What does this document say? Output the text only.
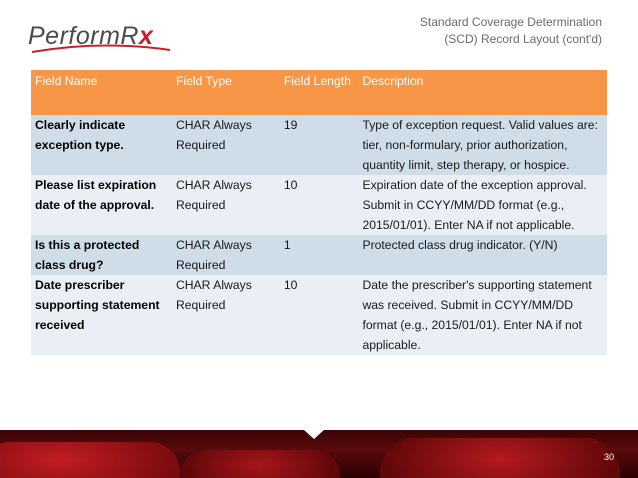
PerformRx	Standard Coverage Determination
(SCD) Record Layout (cont'd)
Field Name	Field Type	Field Length	Description
Clearly indicate exception type.	CHAR Always Required	19	Type of exception request. Valid values are: tier, non-formulary, prior authorization, quantity limit, step therapy, or hospice.
Please list expiration date of the approval.	CHAR Always Required	10	Expiration date of the exception approval. Submit in CCYY/MM/DD format (e.g., 2015/01/01). Enter NA if not applicable.
Is this a protected class drug?	CHAR Always Required	1	Protected class drug indicator. (Y/N)
Date prescriber supporting statement received	CHAR Always Required	10	Date the prescriber's supporting statement was received. Submit in CCYY/MM/DD format (e.g., 2015/01/01). Enter NA if not applicable.
30
